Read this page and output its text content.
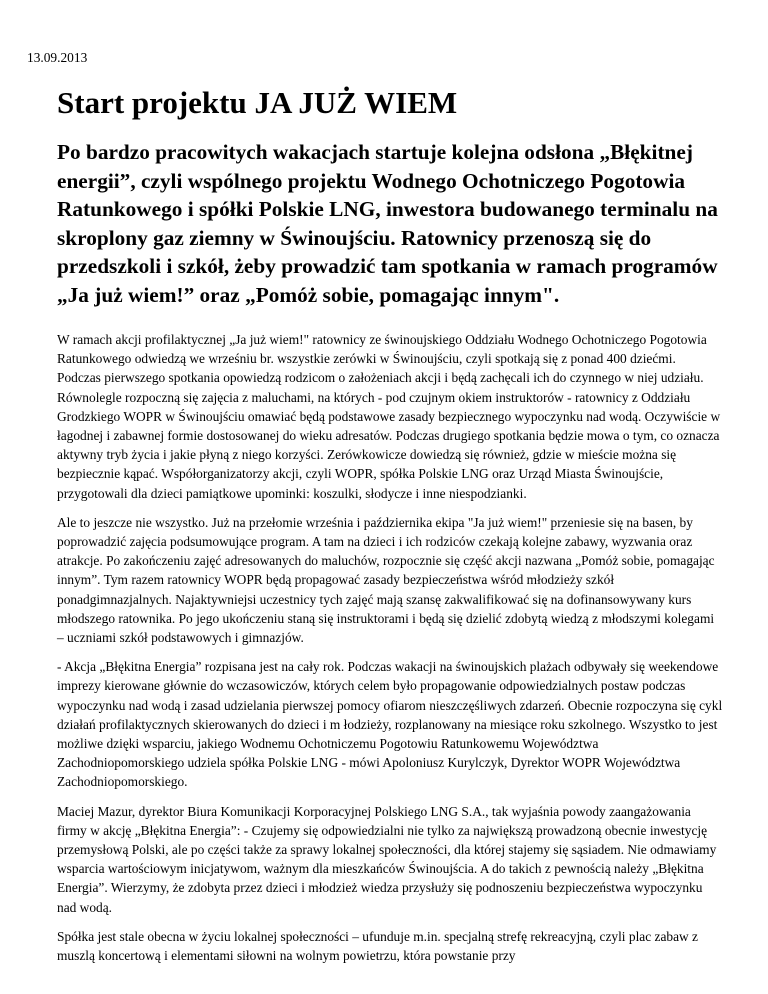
13.09.2013
Start projektu JA JUŻ WIEM

Po bardzo pracowitych wakacjach startuje kolejna odsłona „Błękitnej energii”, czyli wspólnego projektu Wodnego Ochotniczego Pogotowia Ratunkowego i spółki Polskie LNG, inwestora budowanego terminalu na skroplony gaz ziemny w Świnoujściu. Ratownicy przenoszą się do przedszkoli i szkół, żeby prowadzić tam spotkania w ramach programów „Ja już wiem!” oraz „Pomóż sobie, pomagając innym".

W ramach akcji profilaktycznej „Ja już wiem!" ratownicy ze świnoujskiego Oddziału Wodnego Ochotniczego Pogotowia Ratunkowego odwiedzą we wrześniu br. wszystkie zerówki w Świnoujściu, czyli spotkają się z ponad 400 dziećmi. Podczas pierwszego spotkania opowiedzą rodzicom o założeniach akcji i będą zachęcali ich do czynnego w niej udziału. Równolegle rozpoczną się zajęcia z maluchami, na których - pod czujnym okiem instruktorów - ratownicy z Oddziału Grodzkiego WOPR w Świnoujściu omawiać będą podstawowe zasady bezpiecznego wypoczynku nad wodą. Oczywiście w łagodnej i zabawnej formie dostosowanej do wieku adresatów. Podczas drugiego spotkania będzie mowa o tym, co oznacza aktywny tryb życia i jakie płyną z niego korzyści. Zerówkowicze dowiedzą się również, gdzie w mieście można się bezpiecznie kąpać. Współorganizatorzy akcji, czyli WOPR, spółka Polskie LNG oraz Urząd Miasta Świnoujście, przygotowali dla dzieci pamiątkowe upominki: koszulki, słodycze i inne niespodzianki.

Ale to jeszcze nie wszystko. Już na przełomie września i października ekipa "Ja już wiem!" przeniesie się na basen, by poprowadzić zajęcia podsumowujące program. A tam na dzieci i ich rodziców czekają kolejne zabawy, wyzwania oraz atrakcje. Po zakończeniu zajęć adresowanych do maluchów, rozpocznie się część akcji nazwana „Pomóż sobie, pomagając innym”. Tym razem ratownicy WOPR będą propagować zasady bezpieczeństwa wśród młodzieży szkół ponadgimnazjalnych. Najaktywniejsi uczestnicy tych zajęć mają szansę zakwalifikować się na dofinansowywany kurs młodszego ratownika. Po jego ukończeniu staną się instruktorami i będą się dzielić zdobytą wiedzą z młodszymi kolegami – uczniami szkół podstawowych i gimnazjów.

- Akcja „Błękitna Energia” rozpisana jest na cały rok. Podczas wakacji na świnoujskich plażach odbywały się weekendowe imprezy kierowane głównie do wczasowiczów, których celem było propagowanie odpowiedzialnych postaw podczas wypoczynku nad wodą i zasad udzielania pierwszej pomocy ofiarom nieszczęśliwych zdarzeń. Obecnie rozpoczyna się cykl działań profilaktycznych skierowanych do dzieci i m łodzieży, rozplanowany na miesiące roku szkolnego. Wszystko to jest możliwe dzięki wsparciu, jakiego Wodnemu Ochotniczemu Pogotowiu Ratunkowemu Województwa Zachodniopomorskiego udziela spółka Polskie LNG - mówi Apoloniusz Kurylczyk, Dyrektor WOPR Województwa Zachodniopomorskiego.

Maciej Mazur, dyrektor Biura Komunikacji Korporacyjnej Polskiego LNG S.A., tak wyjaśnia powody zaangażowania firmy w akcję „Błękitna Energia”: - Czujemy się odpowiedzialni nie tylko za największą prowadzoną obecnie inwestycję przemysłową Polski, ale po części także za sprawy lokalnej społeczności, dla której stajemy się sąsiadem. Nie odmawiamy wsparcia wartościowym inicjatywom, ważnym dla mieszkańców Świnoujścia. A do takich z pewnością należy „Błękitna Energia”. Wierzymy, że zdobyta przez dzieci i młodzież wiedza przysłuży się podnoszeniu bezpieczeństwa wypoczynku nad wodą.

Spółka jest stale obecna w życiu lokalnej społeczności – ufunduje m.in. specjalną strefę rekreacyjną, czyli plac zabaw z muszlą koncertową i elementami siłowni na wolnym powietrzu, która powstanie przy
